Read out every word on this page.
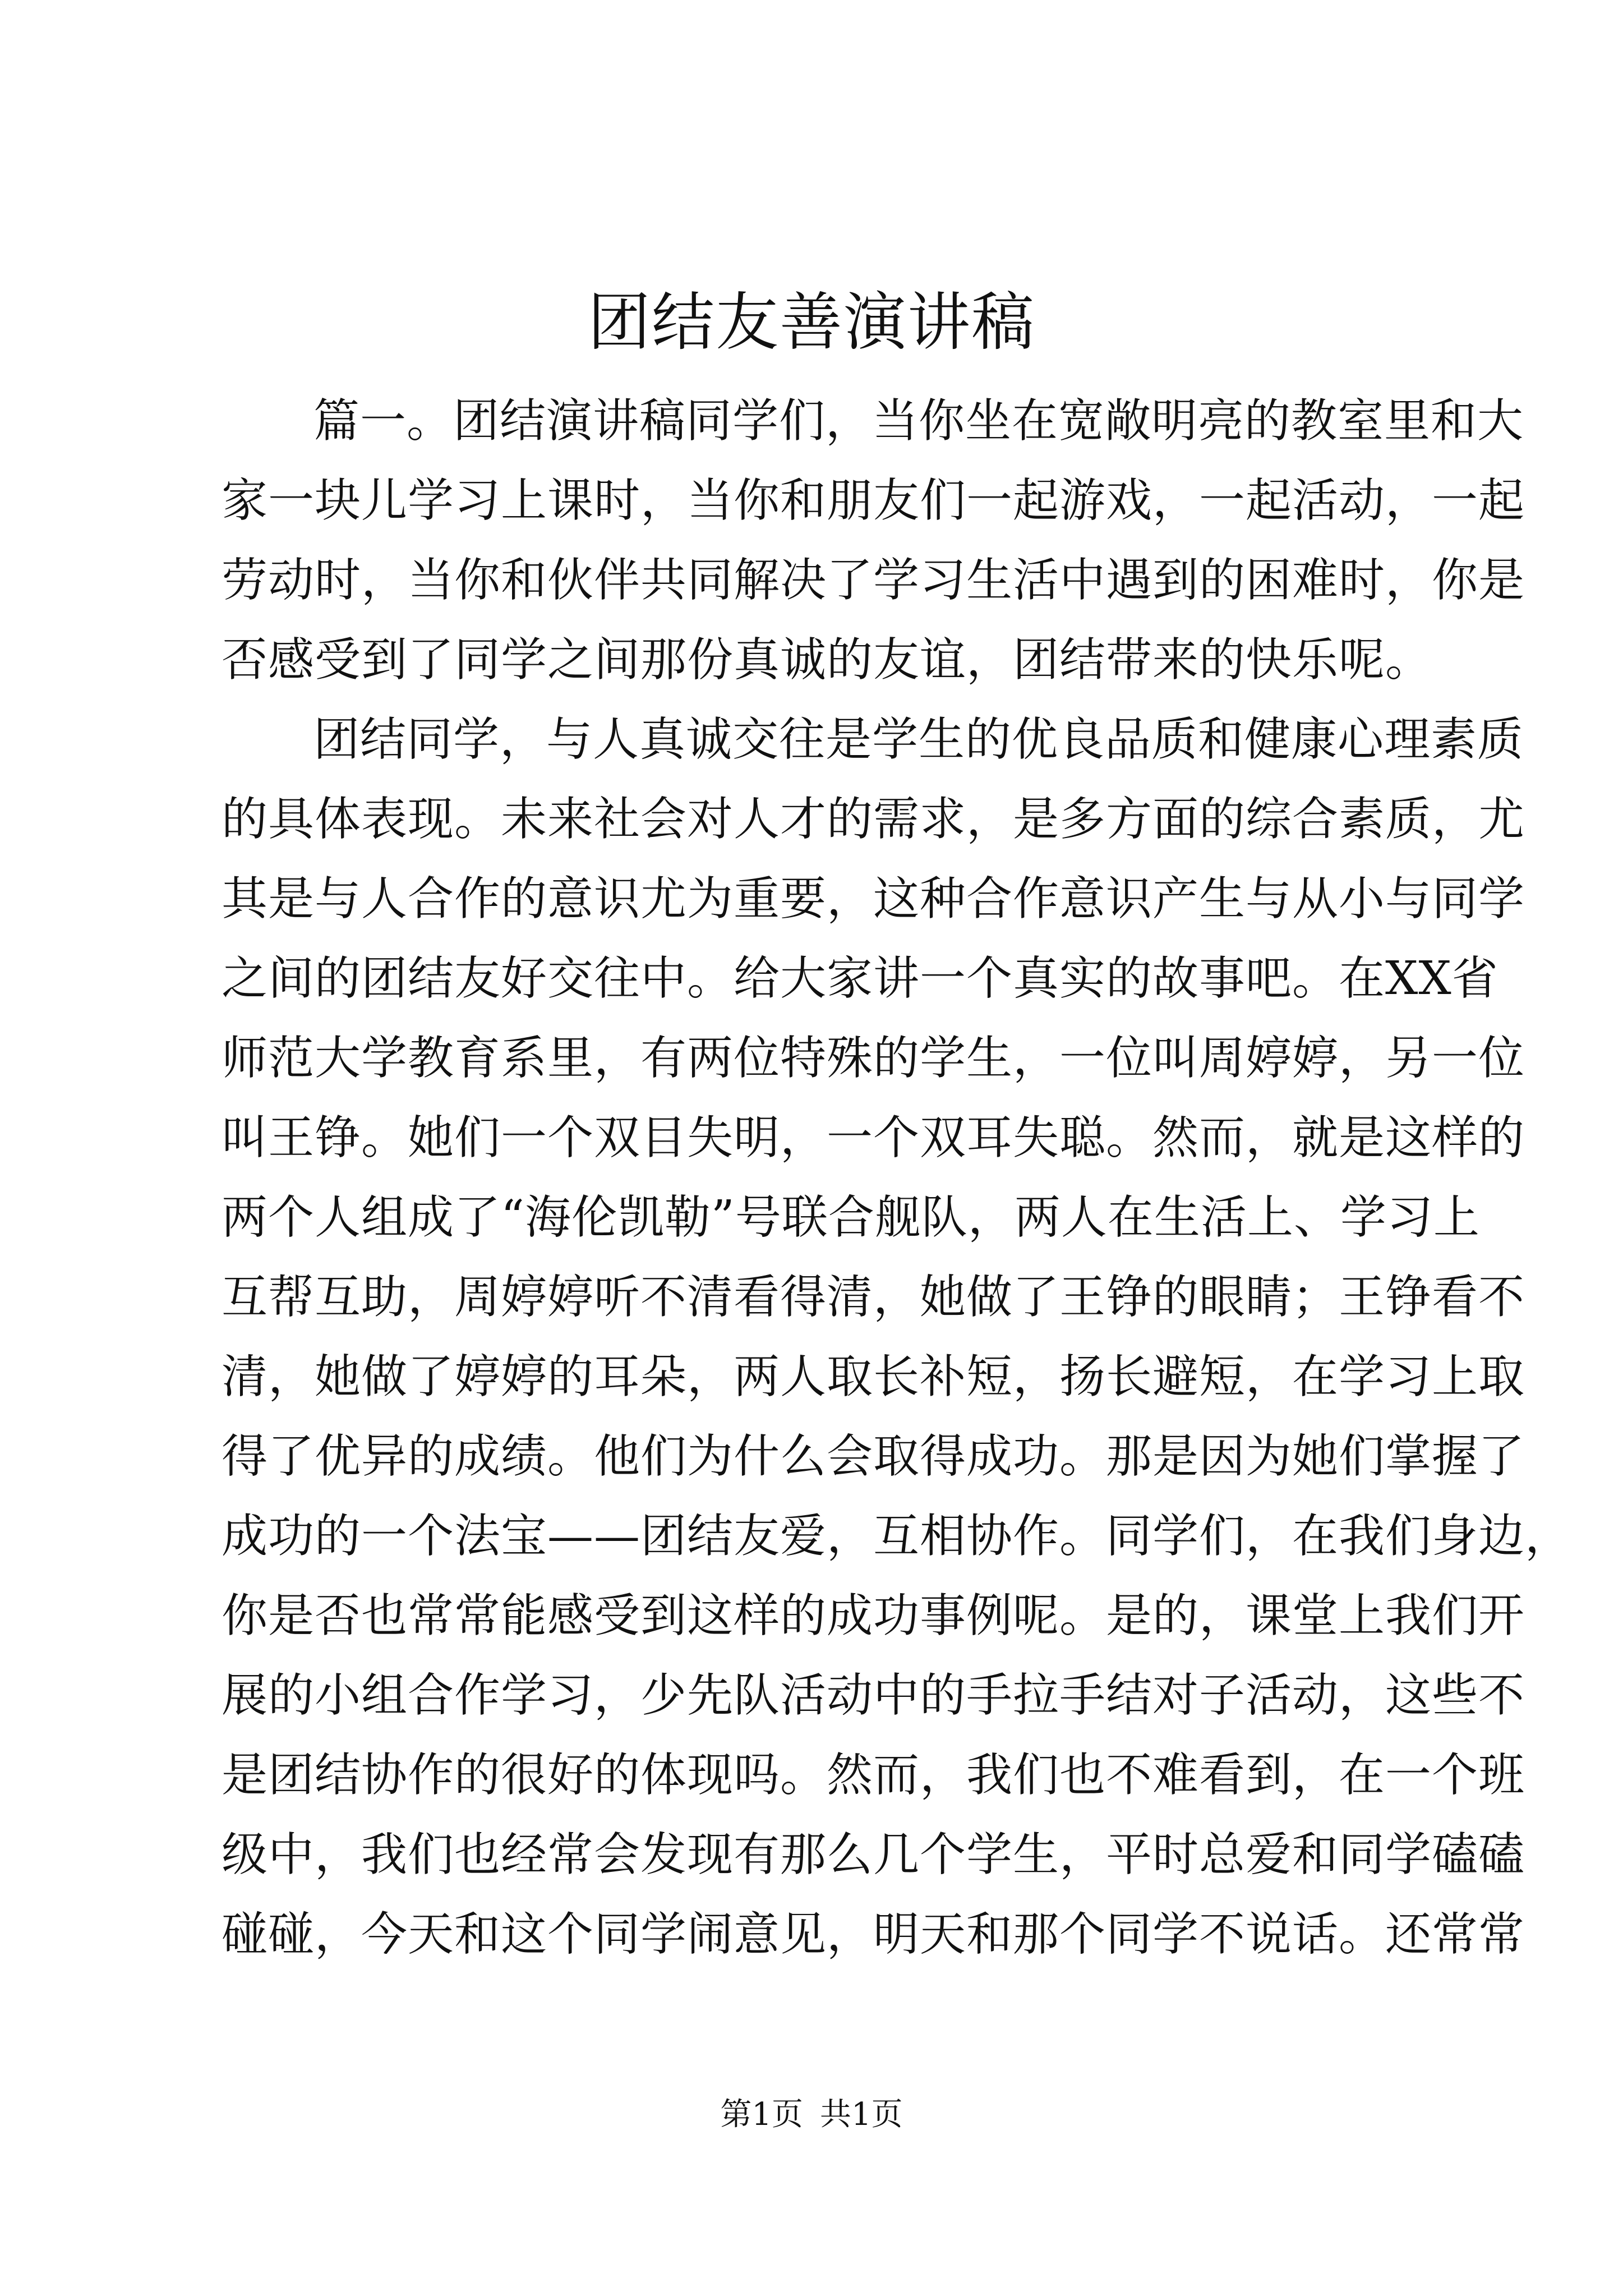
团结友善演讲稿
篇一。团结演讲稿同学们，当你坐在宽敞明亮的教室里和大
家一块儿学习上课时，当你和朋友们一起游戏，一起活动，一起
劳动时，当你和伙伴共同解决了学习生活中遇到的困难时，你是
否感受到了同学之间那份真诚的友谊，团结带来的快乐呢。
团结同学，与人真诚交往是学生的优良品质和健康心理素质
的具体表现。未来社会对人才的需求，是多方面的综合素质，尤
其是与人合作的意识尤为重要，这种合作意识产生与从小与同学
之间的团结友好交往中。给大家讲一个真实的故事吧。在XX省
师范大学教育系里，有两位特殊的学生，一位叫周婷婷，另一位
叫王铮。她们一个双目失明，一个双耳失聪。然而，就是这样的
两个人组成了“海伦凯勒”号联合舰队，两人在生活上、学习上
互帮互助，周婷婷听不清看得清，她做了王铮的眼睛；王铮看不
清，她做了婷婷的耳朵，两人取长补短，扬长避短，在学习上取
得了优异的成绩。他们为什么会取得成功。那是因为她们掌握了
成功的一个法宝——团结友爱，互相协作。同学们，在我们身边，
你是否也常常能感受到这样的成功事例呢。是的，课堂上我们开
展的小组合作学习，少先队活动中的手拉手结对子活动，这些不
是团结协作的很好的体现吗。然而，我们也不难看到，在一个班
级中，我们也经常会发现有那么几个学生，平时总爱和同学磕磕
碰碰，今天和这个同学闹意见，明天和那个同学不说话。还常常
第1页 共1页
